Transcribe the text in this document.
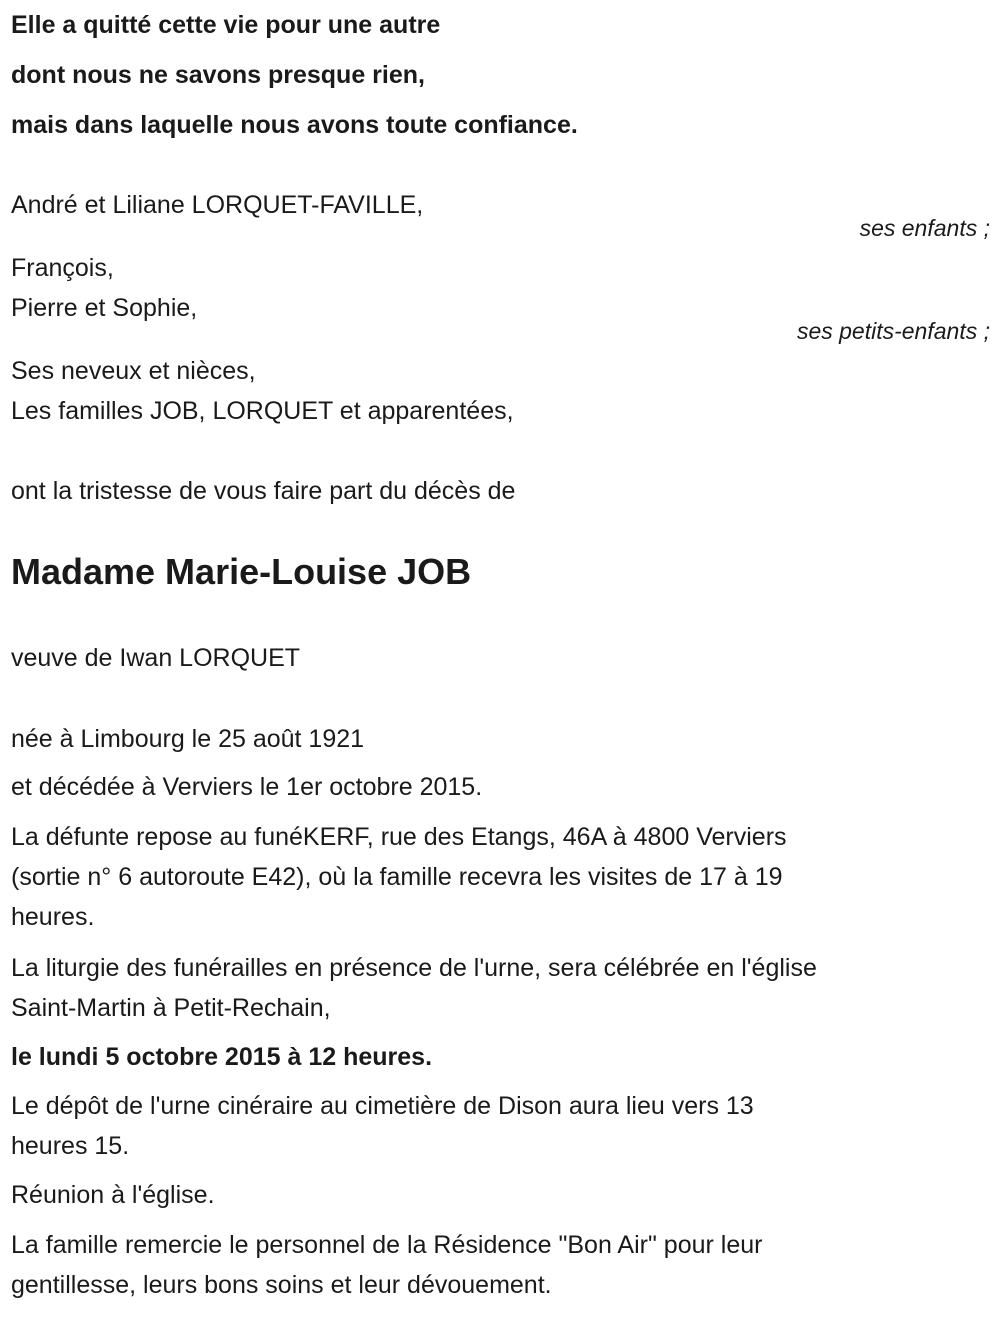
Elle a quitté cette vie pour une autre
dont nous ne savons presque rien,
mais dans laquelle nous avons toute confiance.
André et Liliane LORQUET-FAVILLE,
ses enfants ;
François,
Pierre et Sophie,
ses petits-enfants ;
Ses neveux et nièces,
Les familles JOB, LORQUET et apparentées,
ont la tristesse de vous faire part du décès de
Madame Marie-Louise JOB
veuve de Iwan LORQUET
née à Limbourg le 25 août 1921
et décédée à Verviers le 1er octobre 2015.
La défunte repose au funéKERF, rue des Etangs, 46A à 4800 Verviers
(sortie n° 6 autoroute E42), où la famille recevra les visites de 17 à 19
heures.
La liturgie des funérailles en présence de l'urne, sera célébrée en l'église
Saint-Martin à Petit-Rechain,
le lundi 5 octobre 2015 à 12 heures.
Le dépôt de l'urne cinéraire au cimetière de Dison aura lieu vers 13
heures 15.
Réunion à l'église.
La famille remercie le personnel de la Résidence "Bon Air" pour leur
gentillesse, leurs bons soins et leur dévouement.
